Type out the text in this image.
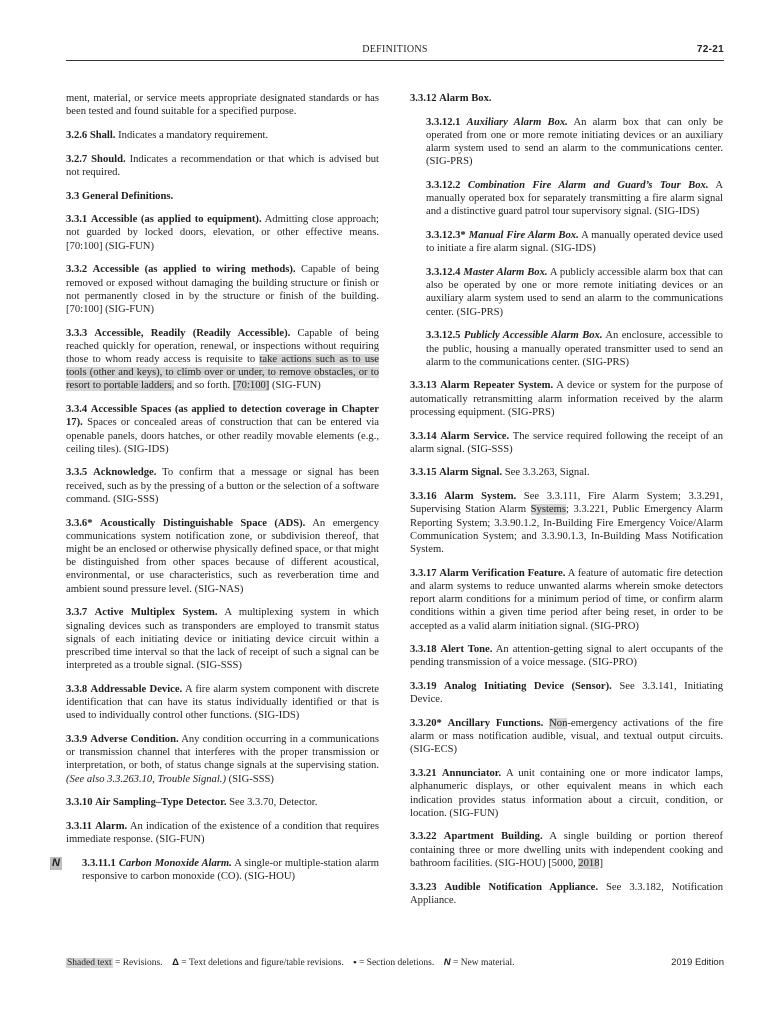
DEFINITIONS	72-21

ment, material, or service meets appropriate designated standards or has been tested and found suitable for a specified purpose.

3.2.6 Shall. Indicates a mandatory requirement.

3.2.7 Should. Indicates a recommendation or that which is advised but not required.

3.3 General Definitions.

3.3.1 Accessible (as applied to equipment). Admitting close approach; not guarded by locked doors, elevation, or other effective means. [70:100] (SIG-FUN)

3.3.2 Accessible (as applied to wiring methods). Capable of being removed or exposed without damaging the building structure or finish or not permanently closed in by the structure or finish of the building. [70:100] (SIG-FUN)

3.3.3 Accessible, Readily (Readily Accessible). Capable of being reached quickly for operation, renewal, or inspections without requiring those to whom ready access is requisite to take actions such as to use tools (other and keys), to climb over or under, to remove obstacles, or to resort to portable ladders, and so forth. [70:100] (SIG-FUN)

3.3.4 Accessible Spaces (as applied to detection coverage in Chapter 17). Spaces or concealed areas of construction that can be entered via openable panels, doors hatches, or other readily movable elements (e.g., ceiling tiles). (SIG-IDS)

3.3.5 Acknowledge. To confirm that a message or signal has been received, such as by the pressing of a button or the selection of a software command. (SIG-SSS)

3.3.6* Acoustically Distinguishable Space (ADS). An emergency communications system notification zone, or subdivision thereof, that might be an enclosed or otherwise physically defined space, or that might be distinguished from other spaces because of different acoustical, environmental, or use characteristics, such as reverberation time and ambient sound pressure level. (SIG-NAS)

3.3.7 Active Multiplex System. A multiplexing system in which signaling devices such as transponders are employed to transmit status signals of each initiating device or initiating device circuit within a prescribed time interval so that the lack of receipt of such a signal can be interpreted as a trouble signal. (SIG-SSS)

3.3.8 Addressable Device. A fire alarm system component with discrete identification that can have its status individually identified or that is used to individually control other functions. (SIG-IDS)

3.3.9 Adverse Condition. Any condition occurring in a communications or transmission channel that interferes with the proper transmission or interpretation, or both, of status change signals at the supervising station. (See also 3.3.263.10, Trouble Signal.) (SIG-SSS)

3.3.10 Air Sampling–Type Detector. See 3.3.70, Detector.

3.3.11 Alarm. An indication of the existence of a condition that requires immediate response. (SIG-FUN)

N 3.3.11.1 Carbon Monoxide Alarm. A single-or multiple-station alarm responsive to carbon monoxide (CO). (SIG-HOU)

3.3.12 Alarm Box.

3.3.12.1 Auxiliary Alarm Box. An alarm box that can only be operated from one or more remote initiating devices or an auxiliary alarm system used to send an alarm to the communications center. (SIG-PRS)

3.3.12.2 Combination Fire Alarm and Guard’s Tour Box. A manually operated box for separately transmitting a fire alarm signal and a distinctive guard patrol tour supervisory signal. (SIG-IDS)

3.3.12.3* Manual Fire Alarm Box. A manually operated device used to initiate a fire alarm signal. (SIG-IDS)

3.3.12.4 Master Alarm Box. A publicly accessible alarm box that can also be operated by one or more remote initiating devices or an auxiliary alarm system used to send an alarm to the communications center. (SIG-PRS)

3.3.12.5 Publicly Accessible Alarm Box. An enclosure, accessible to the public, housing a manually operated transmitter used to send an alarm to the communications center. (SIG-PRS)

3.3.13 Alarm Repeater System. A device or system for the purpose of automatically retransmitting alarm information received by the alarm processing equipment. (SIG-PRS)

3.3.14 Alarm Service. The service required following the receipt of an alarm signal. (SIG-SSS)

3.3.15 Alarm Signal. See 3.3.263, Signal.

3.3.16 Alarm System. See 3.3.111, Fire Alarm System; 3.3.291, Supervising Station Alarm Systems; 3.3.221, Public Emergency Alarm Reporting System; 3.3.90.1.2, In-Building Fire Emergency Voice/Alarm Communication System; and 3.3.90.1.3, In-Building Mass Notification System.

3.3.17 Alarm Verification Feature. A feature of automatic fire detection and alarm systems to reduce unwanted alarms wherein smoke detectors report alarm conditions for a minimum period of time, or confirm alarm conditions within a given time period after being reset, in order to be accepted as a valid alarm initiation signal. (SIG-PRO)

3.3.18 Alert Tone. An attention-getting signal to alert occupants of the pending transmission of a voice message. (SIG-PRO)

3.3.19 Analog Initiating Device (Sensor). See 3.3.141, Initiating Device.

3.3.20* Ancillary Functions. Non-emergency activations of the fire alarm or mass notification audible, visual, and textual output circuits. (SIG-ECS)

3.3.21 Annunciator. A unit containing one or more indicator lamps, alphanumeric displays, or other equivalent means in which each indication provides status information about a circuit, condition, or location. (SIG-FUN)

3.3.22 Apartment Building. A single building or portion thereof containing three or more dwelling units with independent cooking and bathroom facilities. (SIG-HOU) [5000, 2018]

3.3.23 Audible Notification Appliance. See 3.3.182, Notification Appliance.

Shaded text = Revisions. Δ = Text deletions and figure/table revisions. • = Section deletions. N = New material.	2019 Edition
